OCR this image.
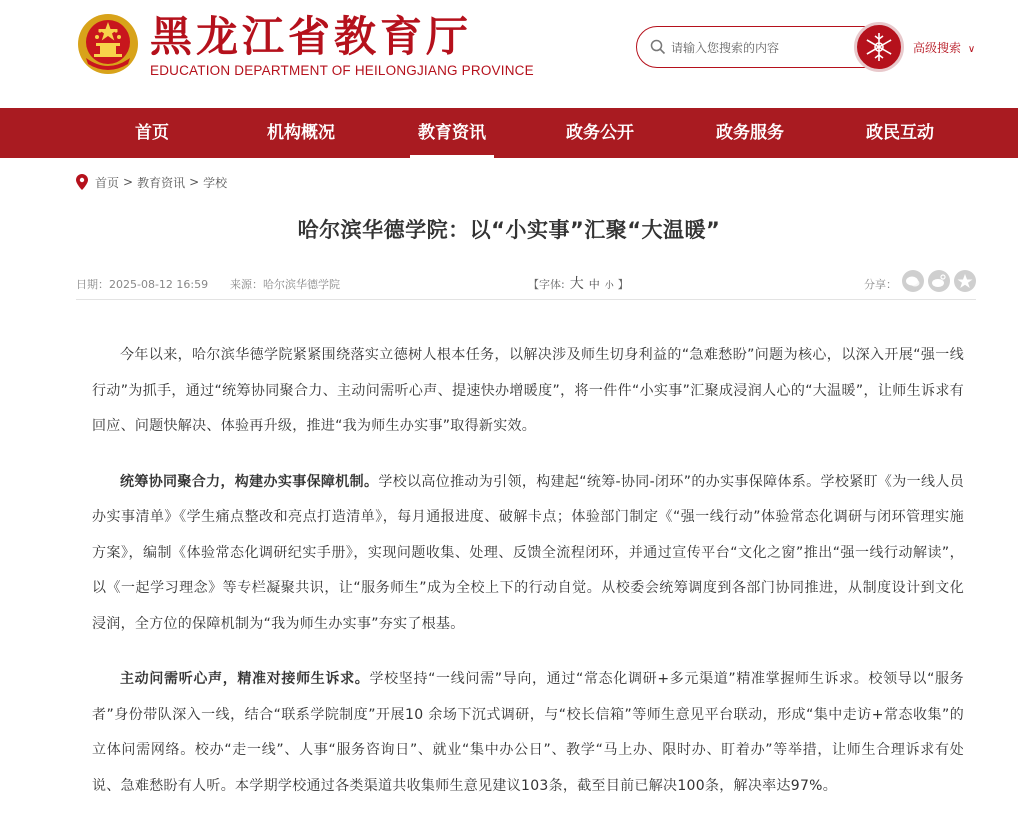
黑龙江省教育厅
EDUCATION DEPARTMENT OF HEILONGJIANG PROVINCE
请输入您搜索的内容
高级搜索 ∨
首页	机构概况	教育资讯	政务公开	政务服务	政民互动
首页 > 教育资讯 > 学校
哈尔滨华德学院：以“小实事”汇聚“大温暖”
日期：2025-08-12 16:59 来源：哈尔滨华德学院	【字体: 大 中 小 】	分享：

今年以来，哈尔滨华德学院紧紧围绕落实立德树人根本任务，以解决涉及师生切身利益的“急难愁盼”问题为核心，以深入开展“强一线行动”为抓手，通过“统筹协同聚合力、主动问需听心声、提速快办增暖度”，将一件件“小实事”汇聚成浸润人心的“大温暖”，让师生诉求有回应、问题快解决、体验再升级，推进“我为师生办实事”取得新实效。

统筹协同聚合力，构建办实事保障机制。学校以高位推动为引领，构建起“统筹-协同-闭环”的办实事保障体系。学校紧盯《为一线人员办实事清单》《学生痛点整改和亮点打造清单》，每月通报进度、破解卡点；体验部门制定《“强一线行动”体验常态化调研与闭环管理实施方案》，编制《体验常态化调研纪实手册》，实现问题收集、处理、反馈全流程闭环，并通过宣传平台“文化之窗”推出“强一线行动解读”，以《一起学习理念》等专栏凝聚共识，让“服务师生”成为全校上下的行动自觉。从校委会统筹调度到各部门协同推进，从制度设计到文化浸润，全方位的保障机制为“我为师生办实事”夯实了根基。

主动问需听心声，精准对接师生诉求。学校坚持“一线问需”导向，通过“常态化调研+多元渠道”精准掌握师生诉求。校领导以“服务者”身份带队深入一线，结合“联系学院制度”开展10 余场下沉式调研，与“校长信箱”等师生意见平台联动，形成“集中走访+常态收集”的立体问需网络。校办“走一线”、人事“服务咨询日”、就业“集中办公日”、教学“马上办、限时办、盯着办”等举措，让师生合理诉求有处说、急难愁盼有人听。本学期学校通过各类渠道共收集师生意见建议103条，截至目前已解决100条，解决率达97%。
